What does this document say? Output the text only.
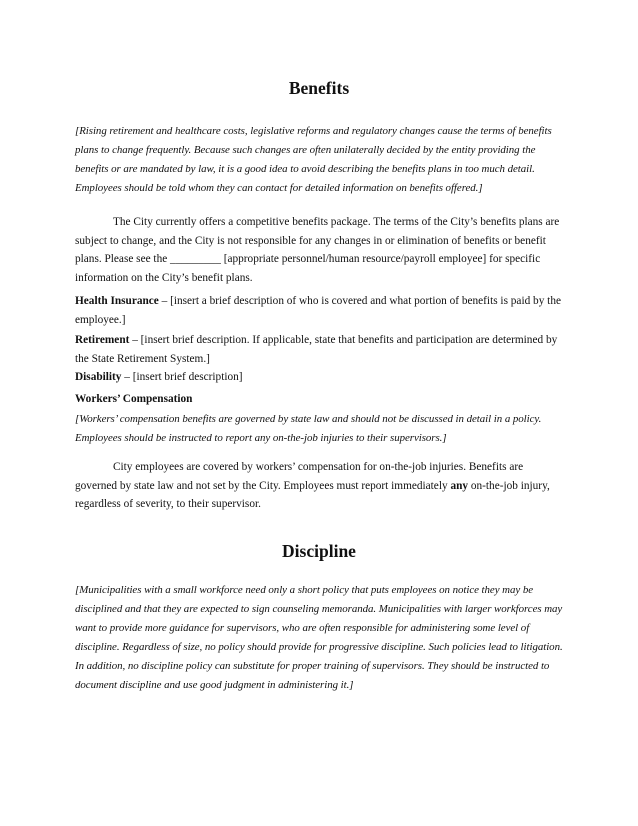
Benefits
[Rising retirement and healthcare costs, legislative reforms and regulatory changes cause the terms of benefits plans to change frequently. Because such changes are often unilaterally decided by the entity providing the benefits or are mandated by law, it is a good idea to avoid describing the benefits plans in too much detail. Employees should be told whom they can contact for detailed information on benefits offered.]
The City currently offers a competitive benefits package. The terms of the City’s benefits plans are subject to change, and the City is not responsible for any changes in or elimination of benefits or benefit plans. Please see the _________ [appropriate personnel/human resource/payroll employee] for specific information on the City’s benefit plans.
Health Insurance – [insert a brief description of who is covered and what portion of benefits is paid by the employee.]
Retirement – [insert brief description. If applicable, state that benefits and participation are determined by the State Retirement System.]
Disability – [insert brief description]
Workers’ Compensation
[Workers’ compensation benefits are governed by state law and should not be discussed in detail in a policy. Employees should be instructed to report any on-the-job injuries to their supervisors.]
City employees are covered by workers’ compensation for on-the-job injuries. Benefits are governed by state law and not set by the City. Employees must report immediately any on-the-job injury, regardless of severity, to their supervisor.
Discipline
[Municipalities with a small workforce need only a short policy that puts employees on notice they may be disciplined and that they are expected to sign counseling memoranda. Municipalities with larger workforces may want to provide more guidance for supervisors, who are often responsible for administering some level of discipline. Regardless of size, no policy should provide for progressive discipline. Such policies lead to litigation. In addition, no discipline policy can substitute for proper training of supervisors. They should be instructed to document discipline and use good judgment in administering it.]
